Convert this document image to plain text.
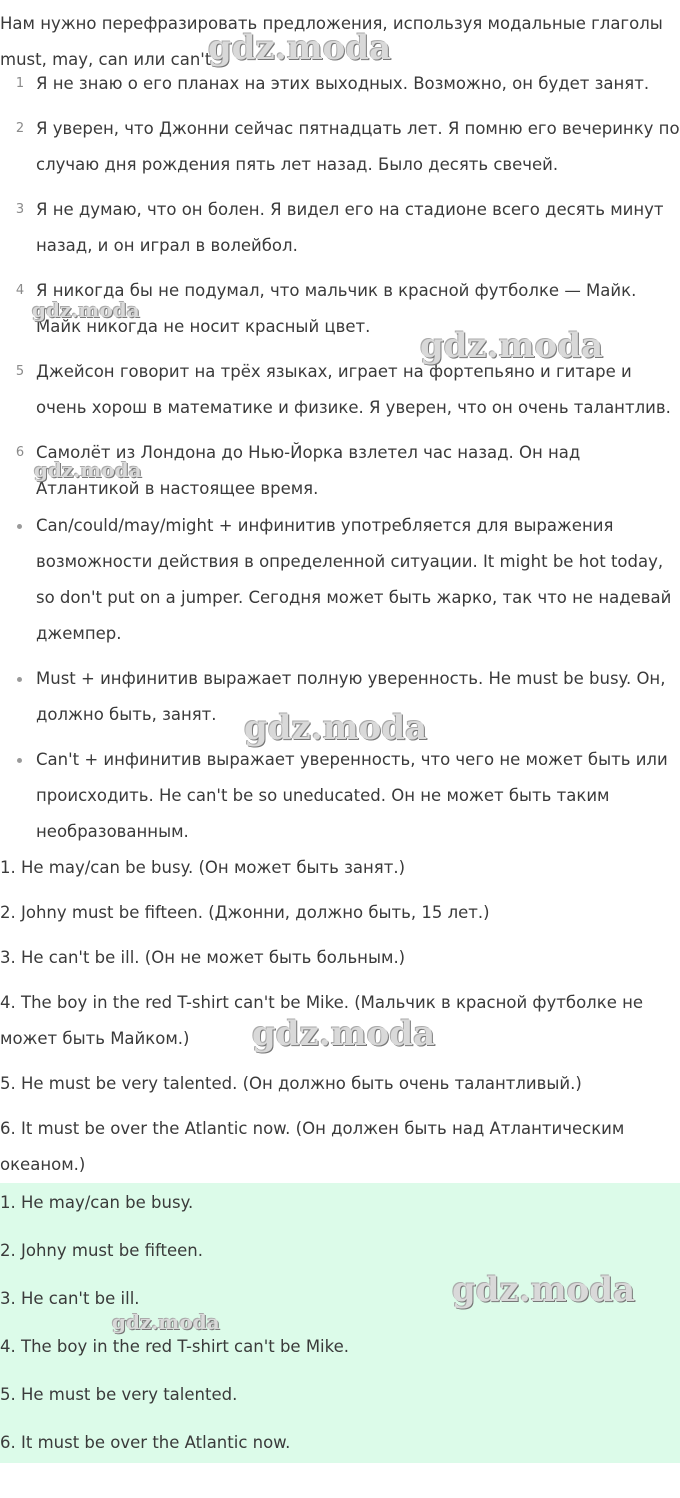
Нам нужно перефразировать предложения, используя модальные глаголы must, may, can или can't.
1 Я не знаю о его планах на этих выходных. Возможно, он будет занят.
2 Я уверен, что Джонни сейчас пятнадцать лет. Я помню его вечеринку по случаю дня рождения пять лет назад. Было десять свечей.
3 Я не думаю, что он болен. Я видел его на стадионе всего десять минут назад, и он играл в волейбол.
4 Я никогда бы не подумал, что мальчик в красной футболке — Майк. Майк никогда не носит красный цвет.
5 Джейсон говорит на трёх языках, играет на фортепьяно и гитаре и очень хорош в математике и физике. Я уверен, что он очень талантлив.
6 Самолёт из Лондона до Нью-Йорка взлетел час назад. Он над Атлантикой в настоящее время.
Can/could/may/might + инфинитив употребляется для выражения возможности действия в определенной ситуации. It might be hot today, so don't put on a jumper. Сегодня может быть жарко, так что не надевай джемпер.
Must + инфинитив выражает полную уверенность. He must be busy. Он, должно быть, занят.
Can't + инфинитив выражает уверенность, что чего не может быть или происходить. He can't be so uneducated. Он не может быть таким необразованным.
1. He may/can be busy. (Он может быть занят.)
2. Johny must be fifteen. (Джонни, должно быть, 15 лет.)
3. He can't be ill. (Он не может быть больным.)
4. The boy in the red T-shirt can't be Mike. (Мальчик в красной футболке не может быть Майком.)
5. He must be very talented. (Он должно быть очень талантливый.)
6. It must be over the Atlantic now. (Он должен быть над Атлантическим океаном.)
1. He may/can be busy.
2. Johny must be fifteen.
3. He can't be ill.
4. The boy in the red T-shirt can't be Mike.
5. He must be very talented.
6. It must be over the Atlantic now.
gdz.moda
gdz.moda
gdz.moda
gdz.moda
gdz.moda
gdz.moda
gdz.moda
gdz.moda
